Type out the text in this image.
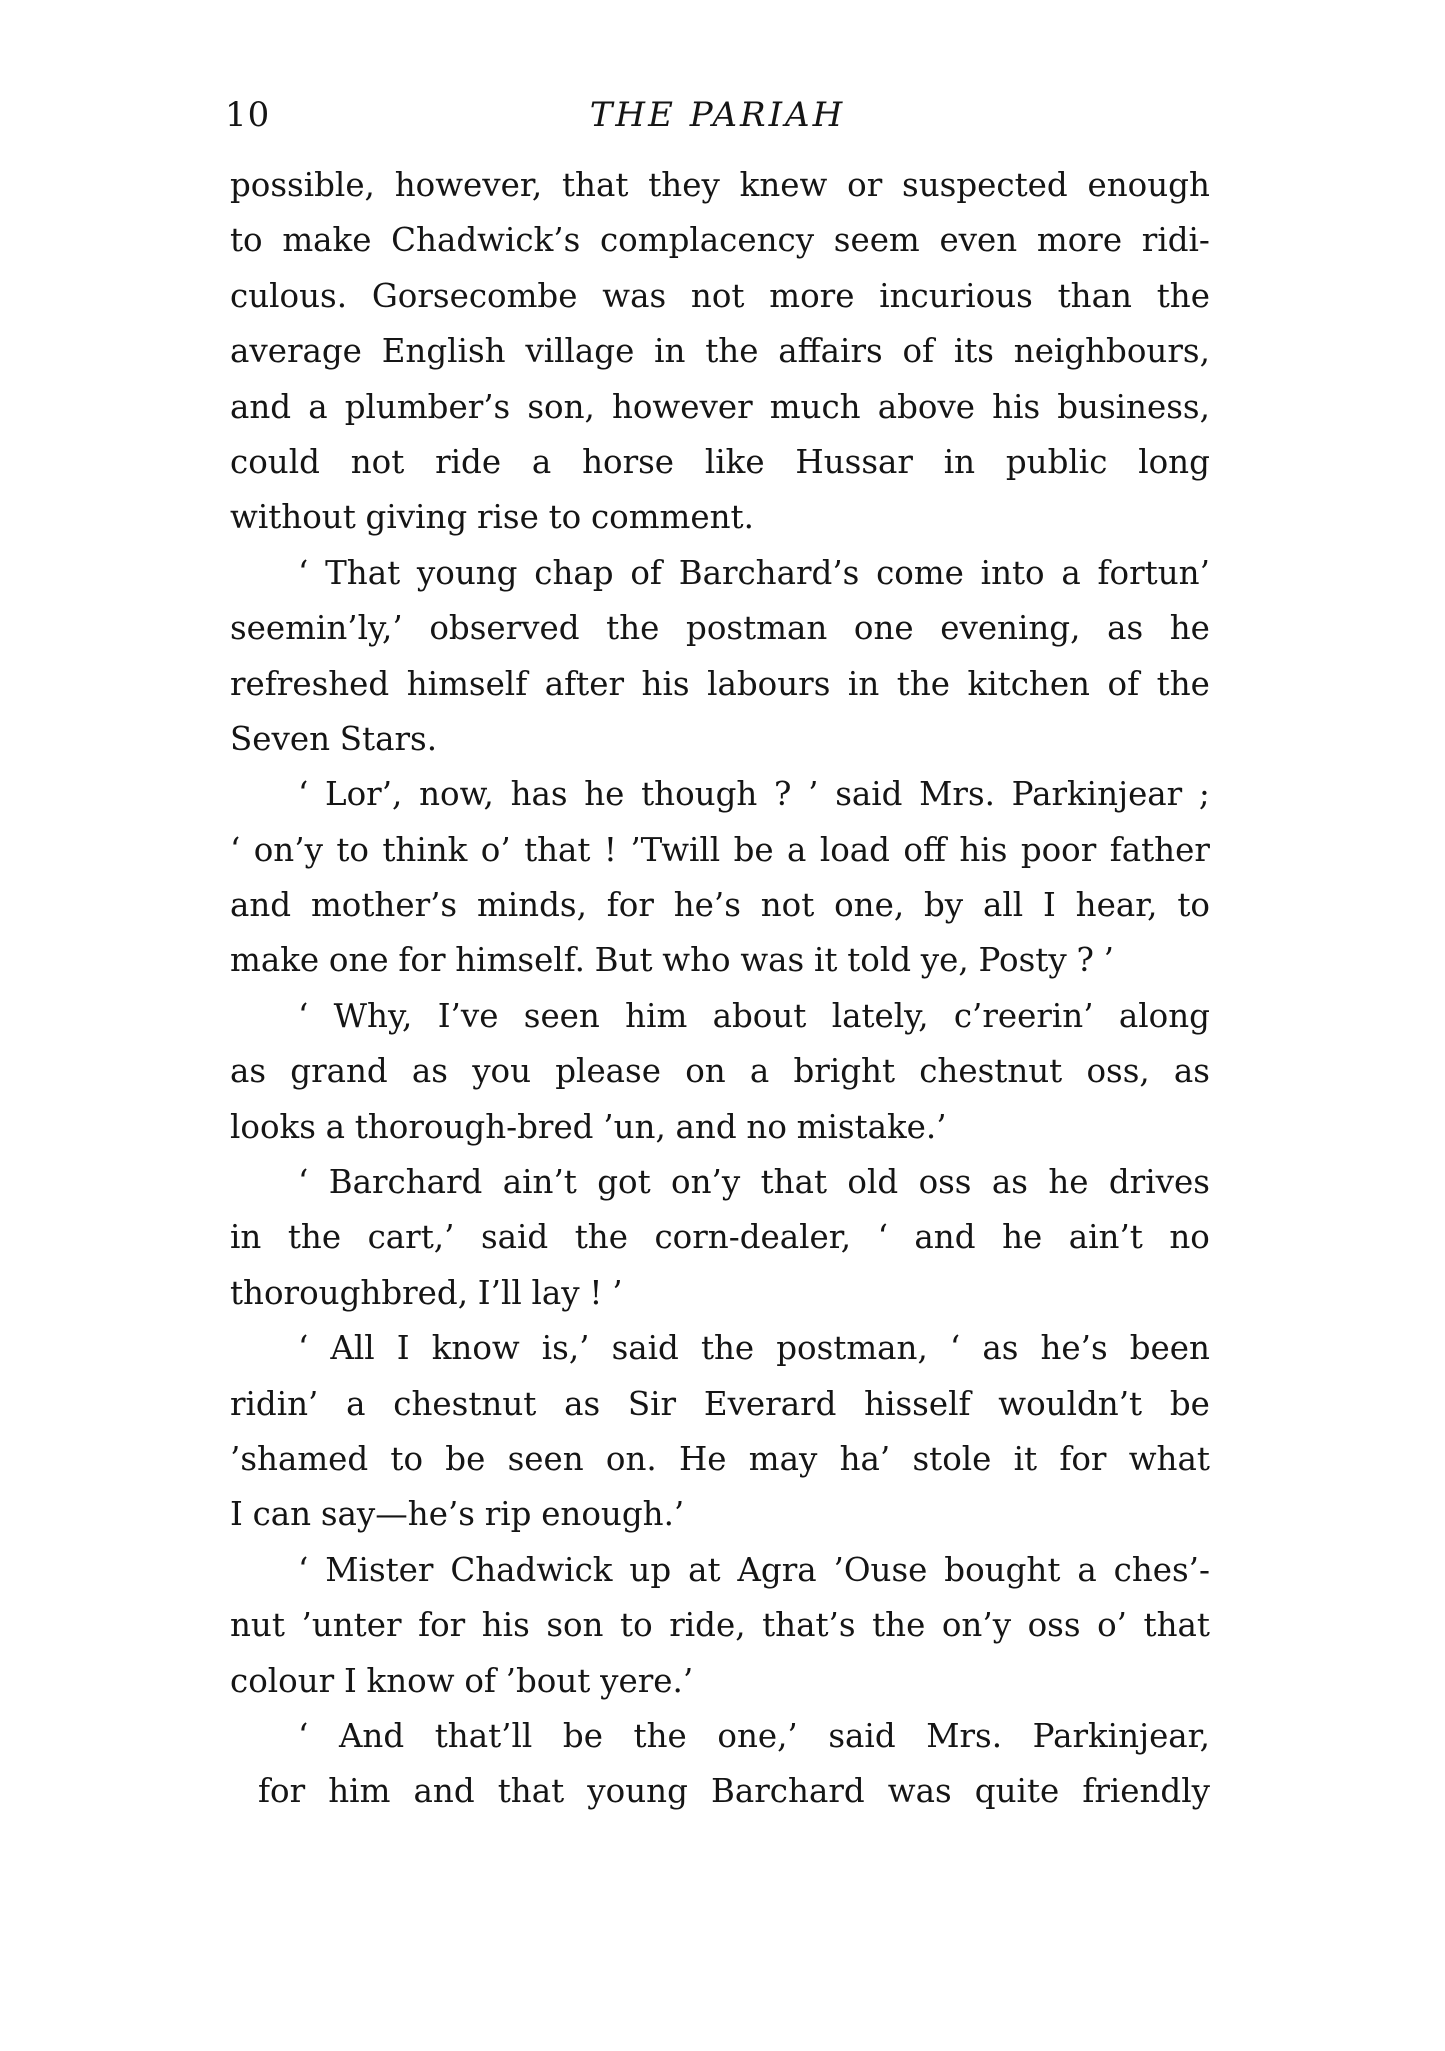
10	THE PARIAH
possible, however, that they knew or suspected enough
to make Chadwick’s complacency seem even more ridi-
culous. Gorsecombe was not more incurious than the
average English village in the affairs of its neighbours,
and a plumber’s son, however much above his business,
could not ride a horse like Hussar in public long
without giving rise to comment.
‘ That young chap of Barchard’s come into a fortun’
seemin’ly,’ observed the postman one evening, as he
refreshed himself after his labours in the kitchen of the
Seven Stars.
‘ Lor’, now, has he though ? ’ said Mrs. Parkinjear ;
‘ on’y to think o’ that ! ’Twill be a load off his poor father
and mother’s minds, for he’s not one, by all I hear, to
make one for himself. But who was it told ye, Posty ? ’
‘ Why, I’ve seen him about lately, c’reerin’ along
as grand as you please on a bright chestnut oss, as
looks a thorough-bred ’un, and no mistake.’
‘ Barchard ain’t got on’y that old oss as he drives
in the cart,’ said the corn-dealer, ‘ and he ain’t no
thoroughbred, I’ll lay ! ’
‘ All I know is,’ said the postman, ‘ as he’s been
ridin’ a chestnut as Sir Everard hisself wouldn’t be
’shamed to be seen on. He may ha’ stole it for what
I can say—he’s rip enough.’
‘ Mister Chadwick up at Agra ’Ouse bought a ches’-
nut ’unter for his son to ride, that’s the on’y oss o’ that
colour I know of ’bout yere.’
‘ And that’ll be the one,’ said Mrs. Parkinjear,
for him and that young Barchard was quite friendly
